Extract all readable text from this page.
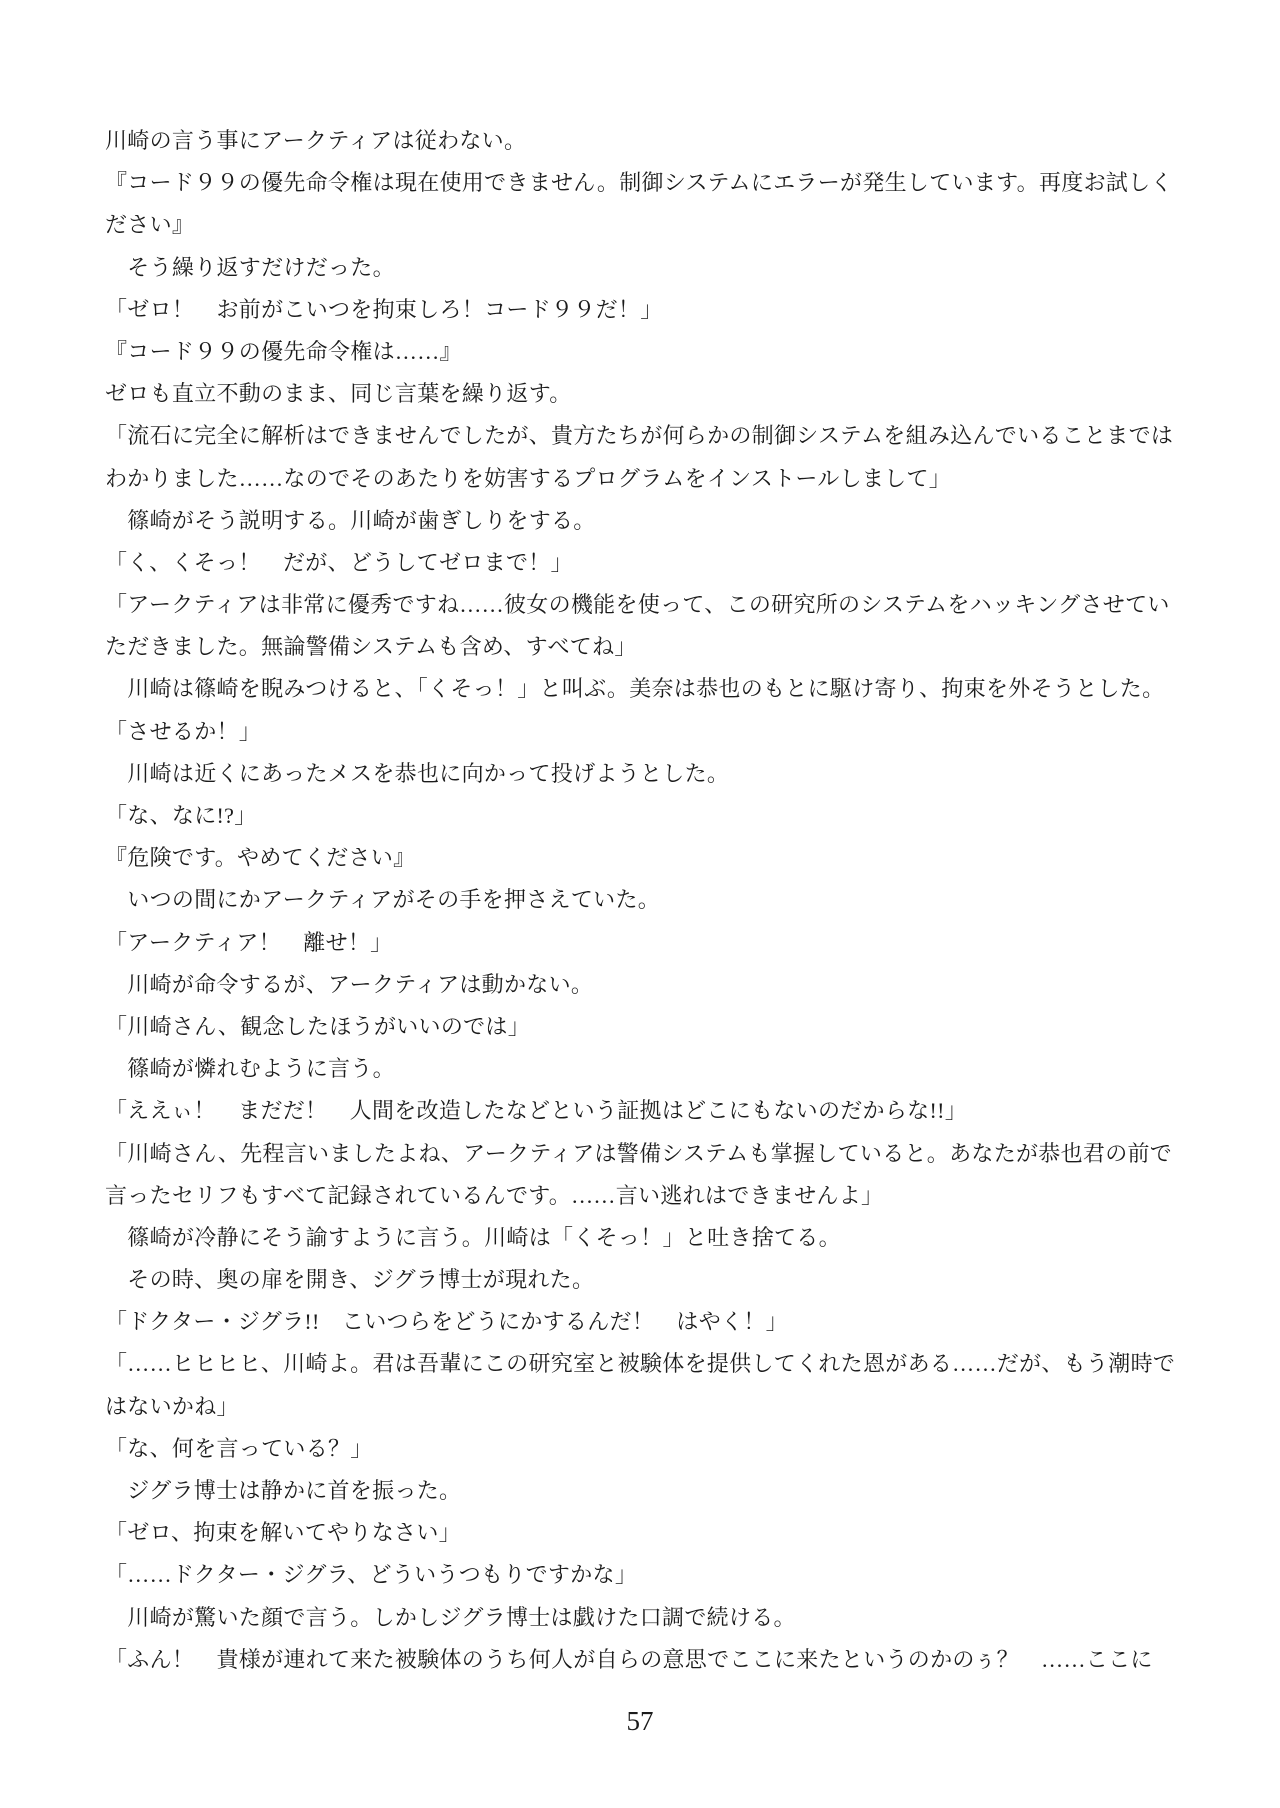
川崎の言う事にアークティアは従わない。
『コード９９の優先命令権は現在使用できません。制御システムにエラーが発生しています。再度お試しく
ださい』
　そう繰り返すだけだった。
「ゼロ！　お前がこいつを拘束しろ！コード９９だ！」
『コード９９の優先命令権は……』
ゼロも直立不動のまま、同じ言葉を繰り返す。
「流石に完全に解析はできませんでしたが、貴方たちが何らかの制御システムを組み込んでいることまでは
わかりました……なのでそのあたりを妨害するプログラムをインストールしまして」
　篠崎がそう説明する。川崎が歯ぎしりをする。
「く、くそっ！　だが、どうしてゼロまで！」
「アークティアは非常に優秀ですね……彼女の機能を使って、この研究所のシステムをハッキングさせてい
ただきました。無論警備システムも含め、すべてね」
　川崎は篠崎を睨みつけると、「くそっ！」と叫ぶ。美奈は恭也のもとに駆け寄り、拘束を外そうとした。
「させるか！」
　川崎は近くにあったメスを恭也に向かって投げようとした。
「な、なに!?」
『危険です。やめてください』
　いつの間にかアークティアがその手を押さえていた。
「アークティア！　離せ！」
　川崎が命令するが、アークティアは動かない。
「川崎さん、観念したほうがいいのでは」
　篠崎が憐れむように言う。
「ええぃ！　まだだ！　人間を改造したなどという証拠はどこにもないのだからな!!」
「川崎さん、先程言いましたよね、アークティアは警備システムも掌握していると。あなたが恭也君の前で
言ったセリフもすべて記録されているんです。……言い逃れはできませんよ」
　篠崎が冷静にそう諭すように言う。川崎は「くそっ！」と吐き捨てる。
　その時、奥の扉を開き、ジグラ博士が現れた。
「ドクター・ジグラ!!　こいつらをどうにかするんだ！　はやく！」
「……ヒヒヒヒ、川崎よ。君は吾輩にこの研究室と被験体を提供してくれた恩がある……だが、もう潮時で
はないかね」
「な、何を言っている？」
　ジグラ博士は静かに首を振った。
「ゼロ、拘束を解いてやりなさい」
「……ドクター・ジグラ、どういうつもりですかな」
　川崎が驚いた顔で言う。しかしジグラ博士は戯けた口調で続ける。
「ふん！　貴様が連れて来た被験体のうち何人が自らの意思でここに来たというのかのぅ？　……ここに
57
